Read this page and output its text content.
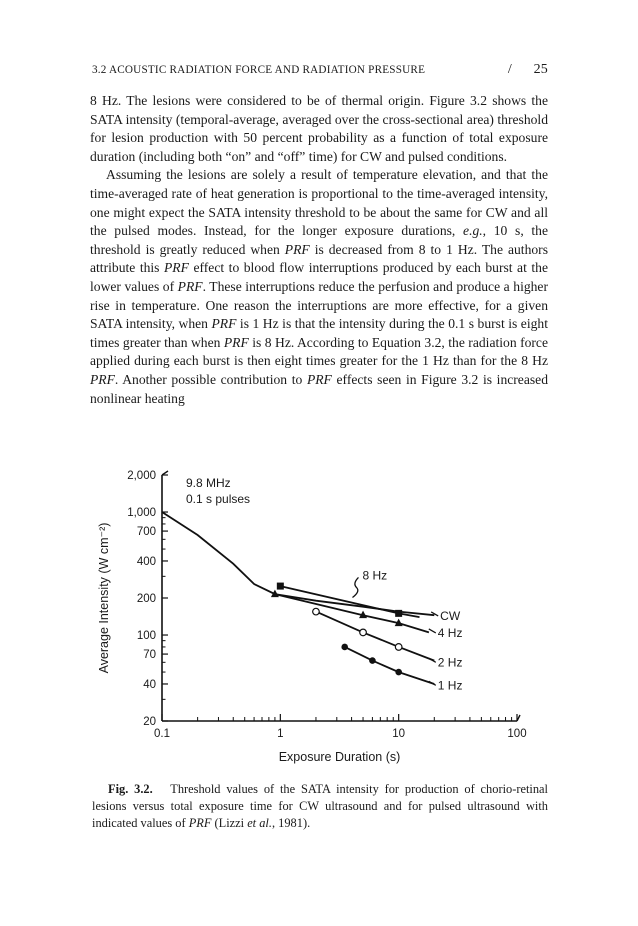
3.2 ACOUSTIC RADIATION FORCE AND RADIATION PRESSURE	/ 25

8 Hz. The lesions were considered to be of thermal origin. Figure 3.2 shows the SATA intensity (temporal-average, averaged over the cross-sectional area) threshold for lesion production with 50 percent probability as a function of total exposure duration (including both “on” and “off” time) for CW and pulsed conditions.

Assuming the lesions are solely a result of temperature elevation, and that the time-averaged rate of heat generation is proportional to the time-averaged intensity, one might expect the SATA intensity threshold to be about the same for CW and all the pulsed modes. Instead, for the longer exposure durations, e.g., 10 s, the threshold is greatly reduced when PRF is decreased from 8 to 1 Hz. The authors attribute this PRF effect to blood flow interruptions produced by each burst at the lower values of PRF. These interruptions reduce the perfusion and produce a higher rise in temperature. One reason the interruptions are more effective, for a given SATA intensity, when PRF is 1 Hz is that the intensity during the 0.1 s burst is eight times greater than when PRF is 8 Hz. According to Equation 3.2, the radiation force applied during each burst is then eight times greater for the 1 Hz than for the 8 Hz PRF. Another possible contribution to PRF effects seen in Figure 3.2 is increased nonlinear heating

20
40
70
100
200
400
700
1,000
2,000
0.1	1	10	100
Exposure Duration (s)
Average Intensity (W cm⁻²)
9.8 MHz
0.1 s pulses
8 Hz
CW
4 Hz
2 Hz
1 Hz
Fig. 3.2. Threshold values of the SATA intensity for production of chorio-retinal lesions versus total exposure time for CW ultrasound and for pulsed ultrasound with indicated values of PRF (Lizzi et al., 1981).
